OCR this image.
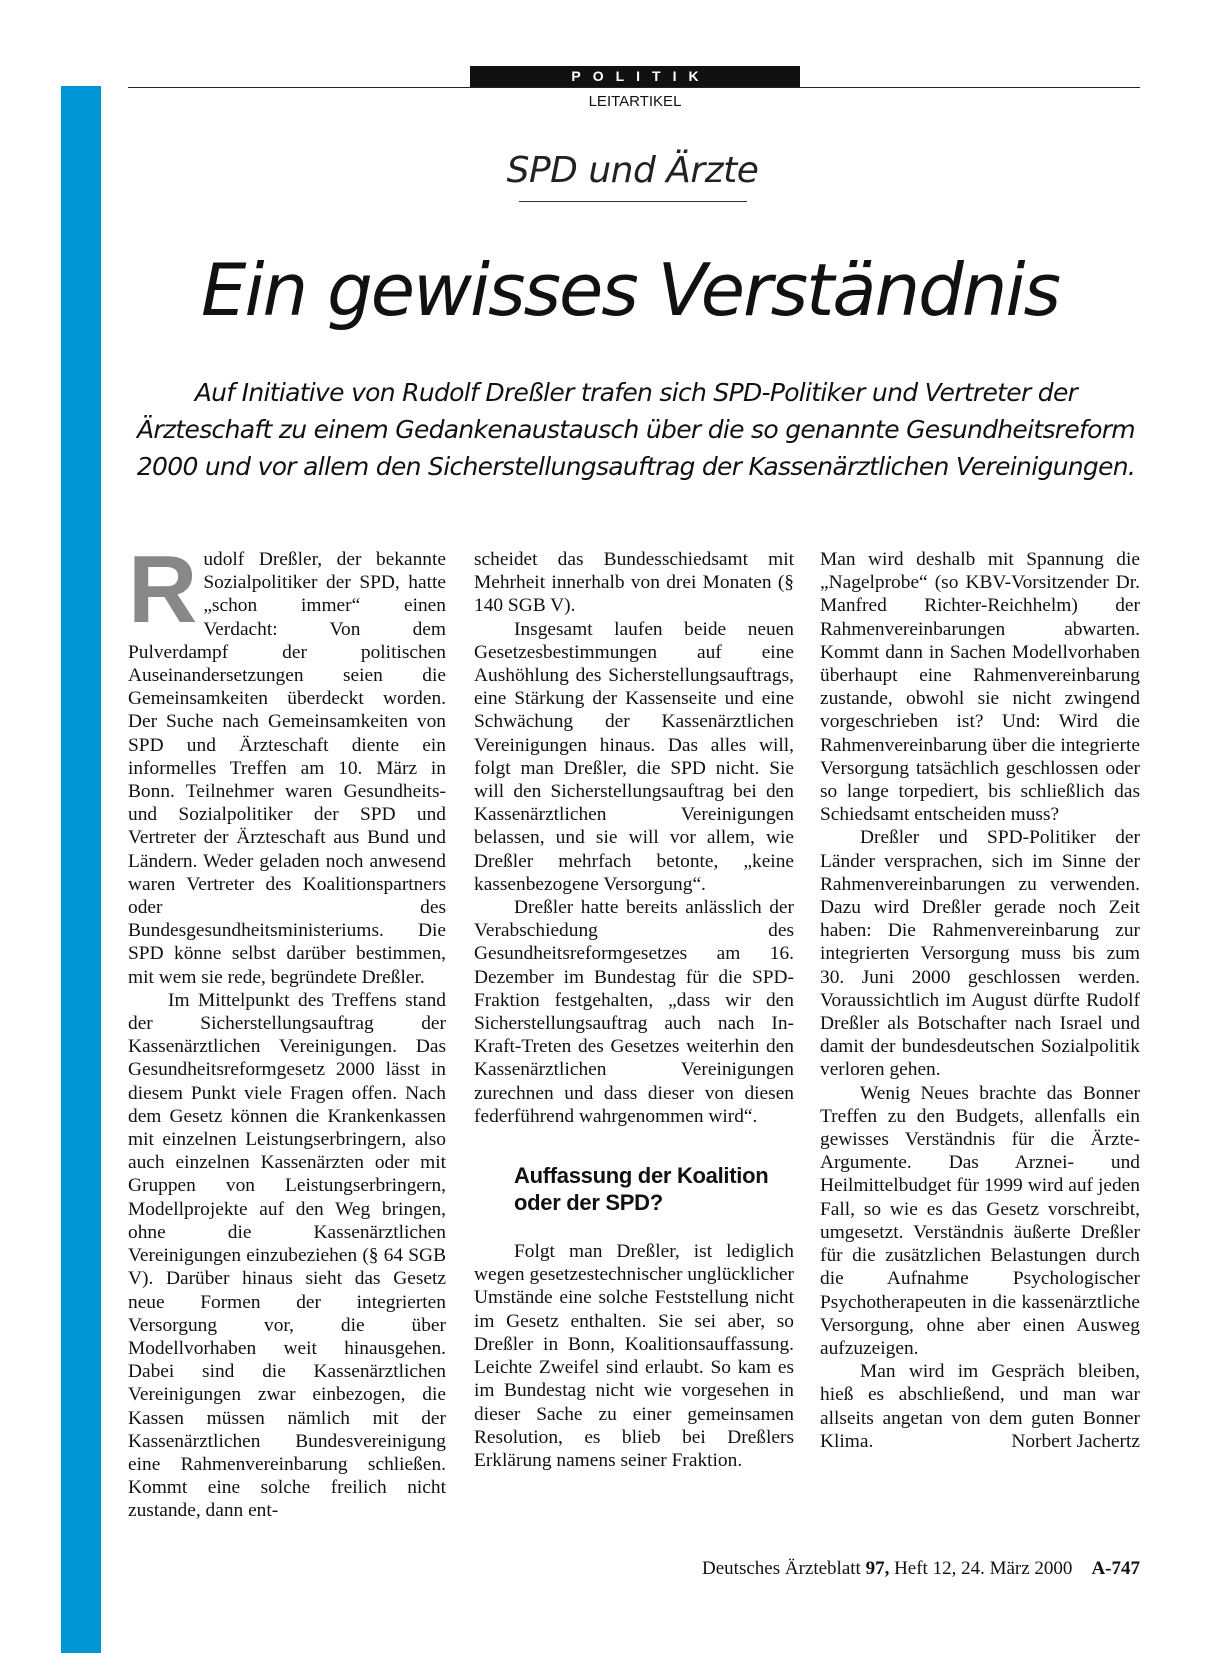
POLITIK
LEITARTIKEL
SPD und Ärzte
Ein gewisses Verständnis
Auf Initiative von Rudolf Dreßler trafen sich SPD-Politiker und Vertreter der Ärzteschaft zu einem Gedankenaustausch über die so genannte Gesundheitsreform 2000 und vor allem den Sicherstellungsauftrag der Kassenärztlichen Vereinigungen.

Rudolf Dreßler, der bekannte Sozialpolitiker der SPD, hatte „schon immer“ einen Verdacht: Von dem Pulverdampf der politischen Auseinandersetzungen seien die Gemeinsamkeiten überdeckt worden. Der Suche nach Gemeinsamkeiten von SPD und Ärzteschaft diente ein informelles Treffen am 10. März in Bonn. Teilnehmer waren Gesundheits- und Sozialpolitiker der SPD und Vertreter der Ärzteschaft aus Bund und Ländern. Weder geladen noch anwesend waren Vertreter des Koalitionspartners oder des Bundesgesundheitsministeriums. Die SPD könne selbst darüber bestimmen, mit wem sie rede, begründete Dreßler.

Im Mittelpunkt des Treffens stand der Sicherstellungsauftrag der Kassenärztlichen Vereinigungen. Das Gesundheitsreformgesetz 2000 lässt in diesem Punkt viele Fragen offen. Nach dem Gesetz können die Krankenkassen mit einzelnen Leistungserbringern, also auch einzelnen Kassenärzten oder mit Gruppen von Leistungserbringern, Modellprojekte auf den Weg bringen, ohne die Kassenärztlichen Vereinigungen einzubeziehen (§ 64 SGB V). Darüber hinaus sieht das Gesetz neue Formen der integrierten Versorgung vor, die über Modellvorhaben weit hinausgehen. Dabei sind die Kassenärztlichen Vereinigungen zwar einbezogen, die Kassen müssen nämlich mit der Kassenärztlichen Bundesvereinigung eine Rahmenvereinbarung schließen. Kommt eine solche freilich nicht zustande, dann ent-

scheidet das Bundesschiedsamt mit Mehrheit innerhalb von drei Monaten (§ 140 SGB V).

Insgesamt laufen beide neuen Gesetzesbestimmungen auf eine Aushöhlung des Sicherstellungsauftrags, eine Stärkung der Kassenseite und eine Schwächung der Kassenärztlichen Vereinigungen hinaus. Das alles will, folgt man Dreßler, die SPD nicht. Sie will den Sicherstellungsauftrag bei den Kassenärztlichen Vereinigungen belassen, und sie will vor allem, wie Dreßler mehrfach betonte, „keine kassenbezogene Versorgung“.

Dreßler hatte bereits anlässlich der Verabschiedung des Gesundheitsreformgesetzes am 16. Dezember im Bundestag für die SPD-Fraktion festgehalten, „dass wir den Sicherstellungsauftrag auch nach In-Kraft-Treten des Gesetzes weiterhin den Kassenärztlichen Vereinigungen zurechnen und dass dieser von diesen federführend wahrgenommen wird“.

Auffassung der Koalition oder der SPD?

Folgt man Dreßler, ist lediglich wegen gesetzestechnischer unglücklicher Umstände eine solche Feststellung nicht im Gesetz enthalten. Sie sei aber, so Dreßler in Bonn, Koalitionsauffassung. Leichte Zweifel sind erlaubt. So kam es im Bundestag nicht wie vorgesehen in dieser Sache zu einer gemeinsamen Resolution, es blieb bei Dreßlers Erklärung namens seiner Fraktion.

Man wird deshalb mit Spannung die „Nagelprobe“ (so KBV-Vorsitzender Dr. Manfred Richter-Reichhelm) der Rahmenvereinbarungen abwarten. Kommt dann in Sachen Modellvorhaben überhaupt eine Rahmenvereinbarung zustande, obwohl sie nicht zwingend vorgeschrieben ist? Und: Wird die Rahmenvereinbarung über die integrierte Versorgung tatsächlich geschlossen oder so lange torpediert, bis schließlich das Schiedsamt entscheiden muss?

Dreßler und SPD-Politiker der Länder versprachen, sich im Sinne der Rahmenvereinbarungen zu verwenden. Dazu wird Dreßler gerade noch Zeit haben: Die Rahmenvereinbarung zur integrierten Versorgung muss bis zum 30. Juni 2000 geschlossen werden. Voraussichtlich im August dürfte Rudolf Dreßler als Botschafter nach Israel und damit der bundesdeutschen Sozialpolitik verloren gehen.

Wenig Neues brachte das Bonner Treffen zu den Budgets, allenfalls ein gewisses Verständnis für die Ärzte-Argumente. Das Arznei- und Heilmittelbudget für 1999 wird auf jeden Fall, so wie es das Gesetz vorschreibt, umgesetzt. Verständnis äußerte Dreßler für die zusätzlichen Belastungen durch die Aufnahme Psychologischer Psychotherapeuten in die kassenärztliche Versorgung, ohne aber einen Ausweg aufzuzeigen.

Man wird im Gespräch bleiben, hieß es abschließend, und man war allseits angetan von dem guten Bonner Klima.	Norbert Jachertz

Deutsches Ärzteblatt 97, Heft 12, 24. März 2000 A-747
